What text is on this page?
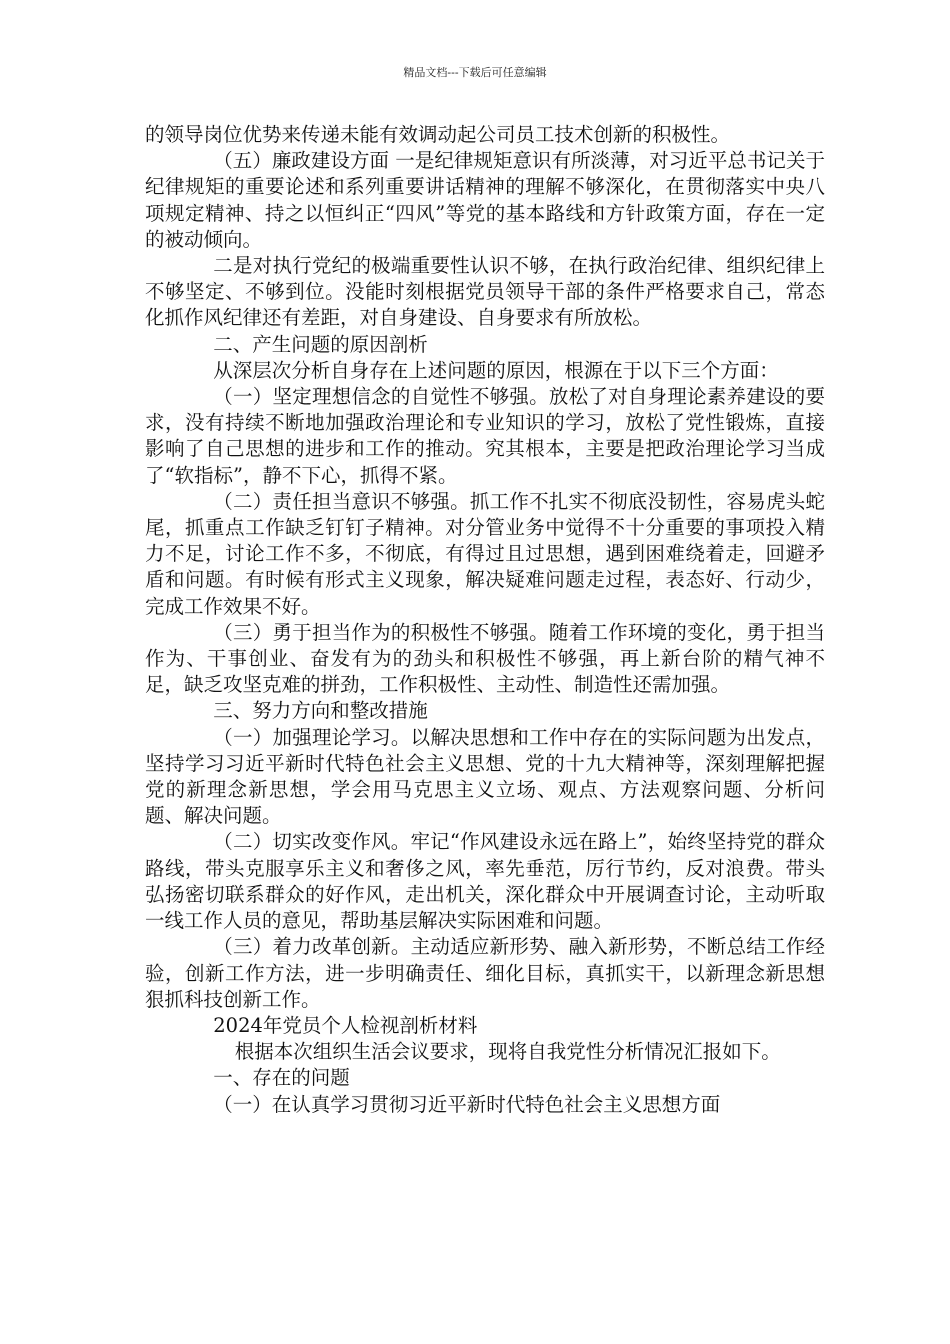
精品文档---下载后可任意编辑

的领导岗位优势来传递未能有效调动起公司员工技术创新的积极性。

（五）廉政建设方面 一是纪律规矩意识有所淡薄，对习近平总书记关于纪律规矩的重要论述和系列重要讲话精神的理解不够深化，在贯彻落实中央八项规定精神、持之以恒纠正“四风”等党的基本路线和方针政策方面，存在一定的被动倾向。

二是对执行党纪的极端重要性认识不够，在执行政治纪律、组织纪律上不够坚定、不够到位。没能时刻根据党员领导干部的条件严格要求自己，常态化抓作风纪律还有差距，对自身建设、自身要求有所放松。

二、产生问题的原因剖析

从深层次分析自身存在上述问题的原因，根源在于以下三个方面：

（一）坚定理想信念的自觉性不够强。放松了对自身理论素养建设的要求，没有持续不断地加强政治理论和专业知识的学习，放松了党性锻炼，直接影响了自己思想的进步和工作的推动。究其根本，主要是把政治理论学习当成了“软指标”，静不下心，抓得不紧。

（二）责任担当意识不够强。抓工作不扎实不彻底没韧性，容易虎头蛇尾，抓重点工作缺乏钉钉子精神。对分管业务中觉得不十分重要的事项投入精力不足，讨论工作不多，不彻底，有得过且过思想，遇到困难绕着走，回避矛盾和问题。有时候有形式主义现象，解决疑难问题走过程，表态好、行动少，完成工作效果不好。

（三）勇于担当作为的积极性不够强。随着工作环境的变化，勇于担当作为、干事创业、奋发有为的劲头和积极性不够强，再上新台阶的精气神不足，缺乏攻坚克难的拼劲，工作积极性、主动性、制造性还需加强。

三、努力方向和整改措施

（一）加强理论学习。以解决思想和工作中存在的实际问题为出发点，坚持学习习近平新时代特色社会主义思想、党的十九大精神等，深刻理解把握党的新理念新思想，学会用马克思主义立场、观点、方法观察问题、分析问题、解决问题。

（二）切实改变作风。牢记“作风建设永远在路上”，始终坚持党的群众路线，带头克服享乐主义和奢侈之风，率先垂范，厉行节约，反对浪费。带头弘扬密切联系群众的好作风，走出机关，深化群众中开展调查讨论，主动听取一线工作人员的意见，帮助基层解决实际困难和问题。

（三）着力改革创新。主动适应新形势、融入新形势，不断总结工作经验，创新工作方法，进一步明确责任、细化目标，真抓实干，以新理念新思想狠抓科技创新工作。

2024年党员个人检视剖析材料

根据本次组织生活会议要求，现将自我党性分析情况汇报如下。

一、存在的问题

（一）在认真学习贯彻习近平新时代特色社会主义思想方面
